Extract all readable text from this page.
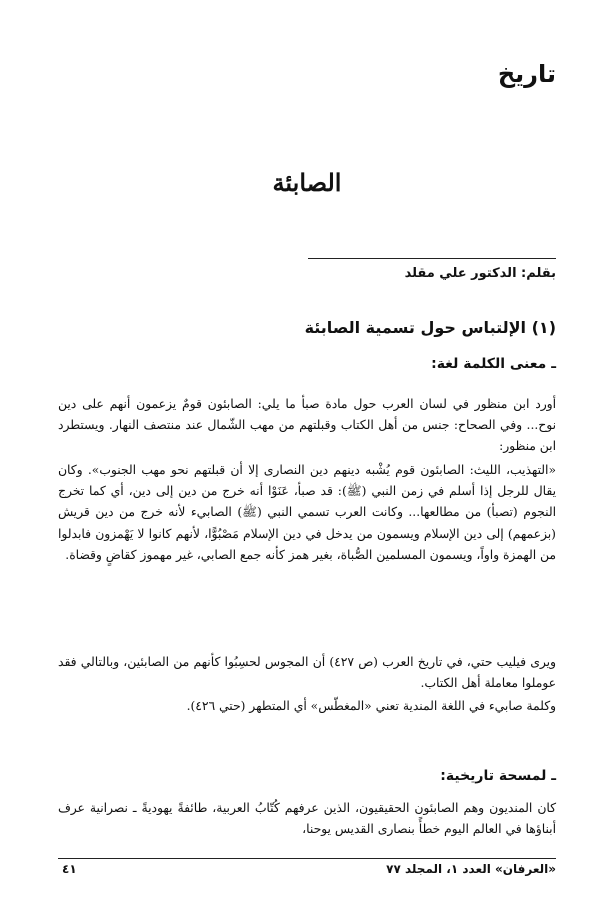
تاريخ
الصابئة
بقلم: الدكتور علي مقلد
(١) الإلتباس حول تسمية الصابئة
ـ معنى الكلمة لغة:

أورد ابن منظور في لسان العرب حول مادة صبأ ما يلي: الصابئون قومٌ يزعمون أنهم على دين نوح... وفي الصحاح: جنس من أهل الكتاب وقبلتهم من مهب الشّمال عند منتصف النهار. ويستطرد ابن منظور:

«التهذيب، الليث: الصابئون قوم يُشْبه دينهم دين النصارى إلا أن قبلتهم نحو مهب الجنوب». وكان يقال للرجل إذا أسلم في زمن النبي (ﷺ): قد صبأ، عَنَوْا أنه خرج من دين إلى دين، أي كما تخرج النجوم (تصبأ) من مطالعها... وكانت العرب تسمي النبي (ﷺ) الصابيء لأنه خرج من دين قريش (بزعمهم) إلى دين الإسلام ويسمون من يدخل في دين الإسلام مَصْبُوًّا، لأنهم كانوا لا يَهْمزون فابدلوا من الهمزة واواً، ويسمون المسلمين الصُّباة، بغير همز كأنه جمع الصابي، غير مهموز كقاضٍ وقضاة.

ويرى فيليب حتي، في تاريخ العرب (ص ٤٢٧) أن المجوس لحسِبُوا كأنهم من الصابئين، وبالتالي فقد عوملوا معاملة أهل الكتاب.

وكلمة صابيء في اللغة المندية تعني «المغطّس» أي المتطهر (حتي ٤٢٦).

ـ لمسحة تاريخية:

كان المنديون وهم الصابئون الحقيقيون، الذين عرفهم كُتّابُ العربية، طائفةً يهوديةً ـ نصرانية عرف أبناؤها في العالم اليوم خطأً بنصارى القديس يوحنا،

٤١	«العرفان» العدد ١، المجلد ٧٧
